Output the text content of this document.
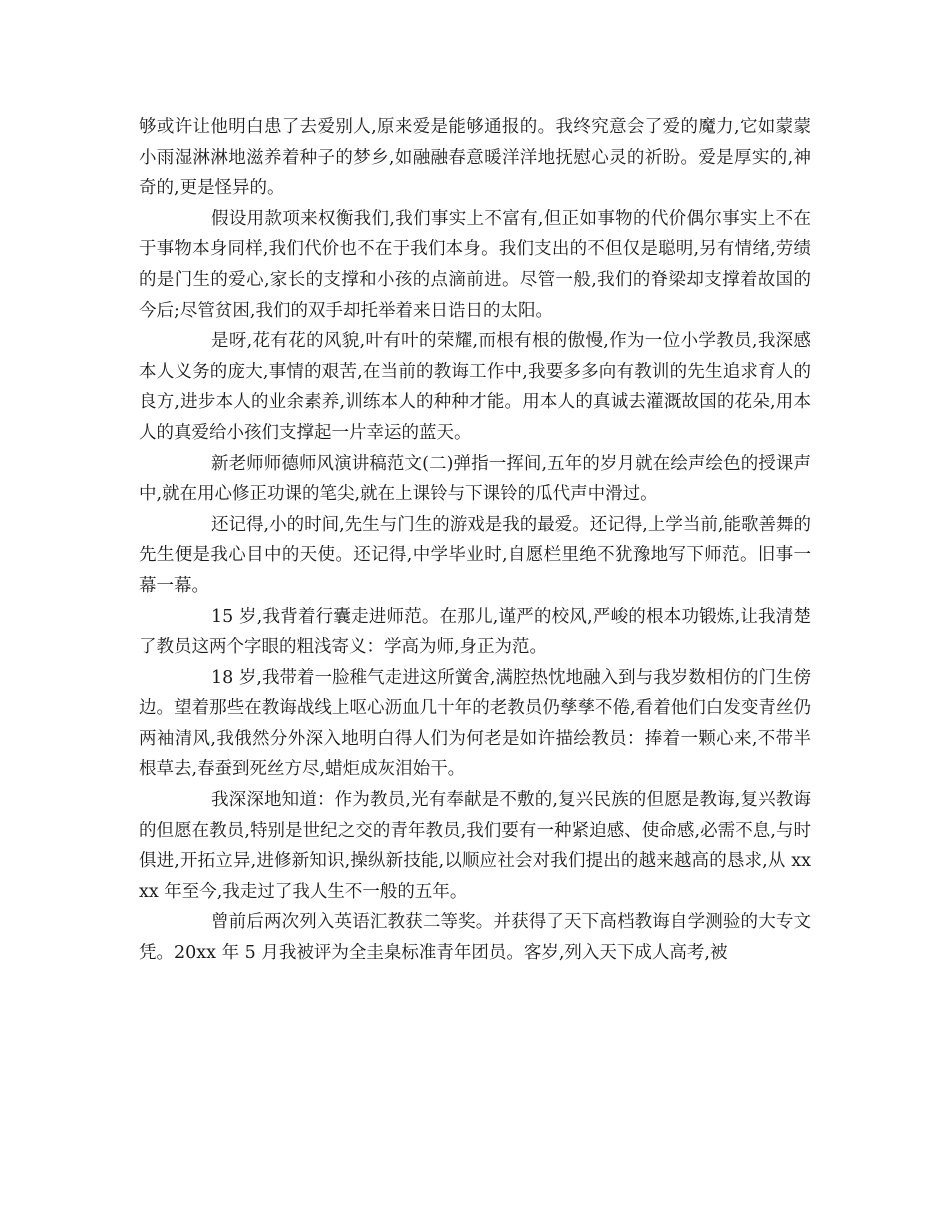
够或许让他明白患了去爱别人,原来爱是能够通报的。我终究意会了爱的魔力,它如蒙蒙小雨湿淋淋地滋养着种子的梦乡,如融融春意暖洋洋地抚慰心灵的祈盼。爱是厚实的,神奇的,更是怪异的。

假设用款项来权衡我们,我们事实上不富有,但正如事物的代价偶尔事实上不在于事物本身同样,我们代价也不在于我们本身。我们支出的不但仅是聪明,另有情绪,劳绩的是门生的爱心,家长的支撑和小孩的点滴前进。尽管一般,我们的脊梁却支撑着故国的今后;尽管贫困,我们的双手却托举着来日诰日的太阳。

是呀,花有花的风貌,叶有叶的荣耀,而根有根的傲慢,作为一位小学教员,我深感本人义务的庞大,事情的艰苦,在当前的教诲工作中,我要多多向有教训的先生追求育人的良方,进步本人的业余素养,训练本人的种种才能。用本人的真诚去灌溉故国的花朵,用本人的真爱给小孩们支撑起一片幸运的蓝天。

新老师师德师风演讲稿范文(二)弹指一挥间,五年的岁月就在绘声绘色的授课声中,就在用心修正功课的笔尖,就在上课铃与下课铃的瓜代声中滑过。

还记得,小的时间,先生与门生的游戏是我的最爱。还记得,上学当前,能歌善舞的先生便是我心目中的天使。还记得,中学毕业时,自愿栏里绝不犹豫地写下师范。旧事一幕一幕。

15 岁,我背着行囊走进师范。在那儿,谨严的校风,严峻的根本功锻炼,让我清楚了教员这两个字眼的粗浅寄义：学高为师,身正为范。

18 岁,我带着一脸稚气走进这所黉舍,满腔热忱地融入到与我岁数相仿的门生傍边。望着那些在教诲战线上呕心沥血几十年的老教员仍孳孳不倦,看着他们白发变青丝仍两袖清风,我俄然分外深入地明白得人们为何老是如许描绘教员：捧着一颗心来,不带半根草去,春蚕到死丝方尽,蜡炬成灰泪始干。

我深深地知道：作为教员,光有奉献是不敷的,复兴民族的但愿是教诲,复兴教诲的但愿在教员,特别是世纪之交的青年教员,我们要有一种紧迫感、使命感,必需不息,与时俱进,开拓立异,进修新知识,操纵新技能,以顺应社会对我们提出的越来越高的恳求,从 xxxx 年至今,我走过了我人生不一般的五年。

曾前后两次列入英语汇教获二等奖。并获得了天下高档教诲自学测验的大专文凭。20xx 年 5 月我被评为全圭臬标准青年团员。客岁,列入天下成人高考,被
